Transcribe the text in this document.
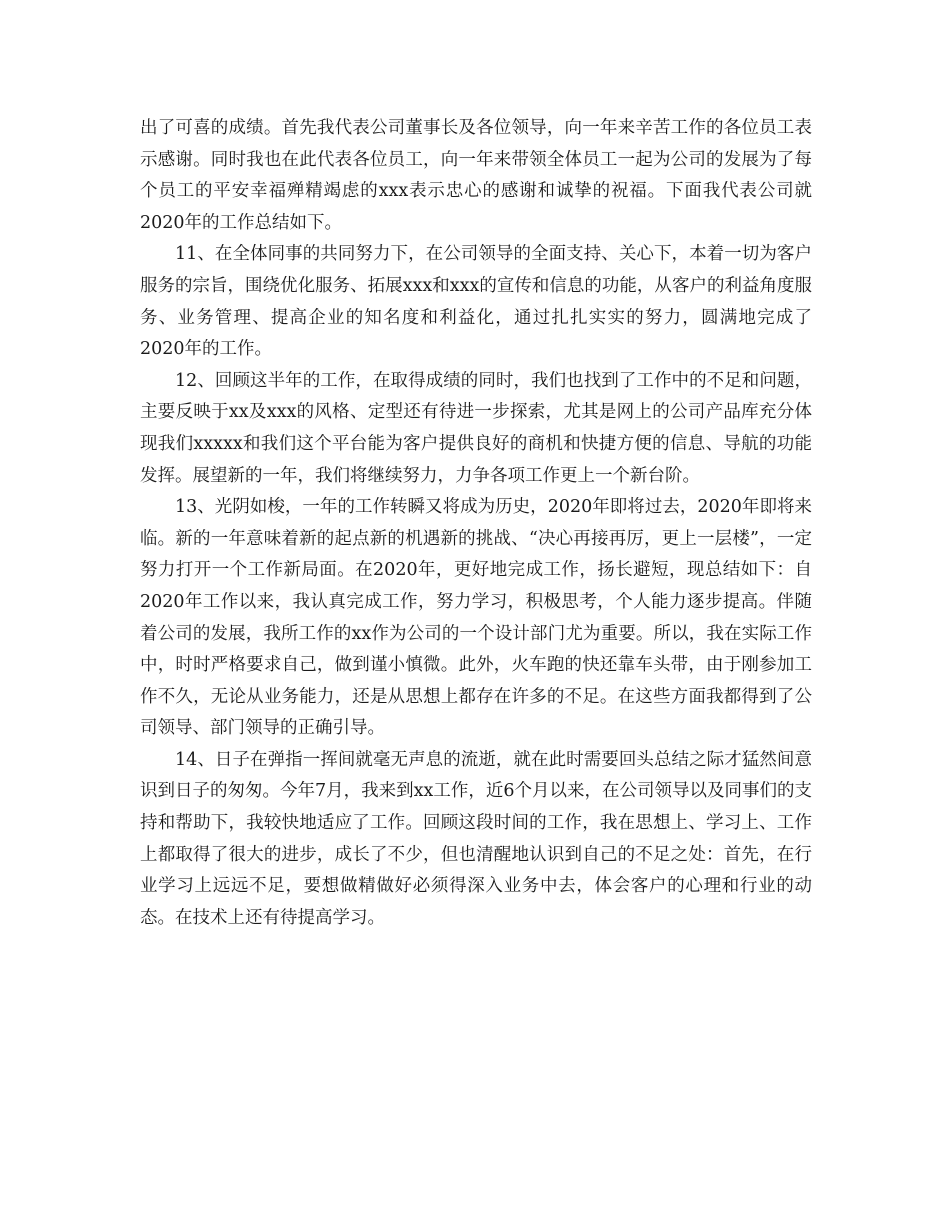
出了可喜的成绩。首先我代表公司董事长及各位领导，向一年来辛苦工作的各位员工表示感谢。同时我也在此代表各位员工，向一年来带领全体员工一起为公司的发展为了每个员工的平安幸福殚精竭虑的xxx表示忠心的感谢和诚挚的祝福。下面我代表公司就2020年的工作总结如下。

11、在全体同事的共同努力下，在公司领导的全面支持、关心下，本着一切为客户服务的宗旨，围绕优化服务、拓展xxx和xxx的宣传和信息的功能，从客户的利益角度服务、业务管理、提高企业的知名度和利益化，通过扎扎实实的努力，圆满地完成了2020年的工作。

12、回顾这半年的工作，在取得成绩的同时，我们也找到了工作中的不足和问题，主要反映于xx及xxx的风格、定型还有待进一步探索，尤其是网上的公司产品库充分体现我们xxxxx和我们这个平台能为客户提供良好的商机和快捷方便的信息、导航的功能发挥。展望新的一年，我们将继续努力，力争各项工作更上一个新台阶。

13、光阴如梭，一年的工作转瞬又将成为历史，2020年即将过去，2020年即将来临。新的一年意味着新的起点新的机遇新的挑战、“决心再接再厉，更上一层楼”，一定努力打开一个工作新局面。在2020年，更好地完成工作，扬长避短，现总结如下：自2020年工作以来，我认真完成工作，努力学习，积极思考，个人能力逐步提高。伴随着公司的发展，我所工作的xx作为公司的一个设计部门尤为重要。所以，我在实际工作中，时时严格要求自己，做到谨小慎微。此外，火车跑的快还靠车头带，由于刚参加工作不久，无论从业务能力，还是从思想上都存在许多的不足。在这些方面我都得到了公司领导、部门领导的正确引导。

14、日子在弹指一挥间就毫无声息的流逝，就在此时需要回头总结之际才猛然间意识到日子的匆匆。今年7月，我来到xx工作，近6个月以来，在公司领导以及同事们的支持和帮助下，我较快地适应了工作。回顾这段时间的工作，我在思想上、学习上、工作上都取得了很大的进步，成长了不少，但也清醒地认识到自己的不足之处：首先，在行业学习上远远不足，要想做精做好必须得深入业务中去，体会客户的心理和行业的动态。在技术上还有待提高学习。
